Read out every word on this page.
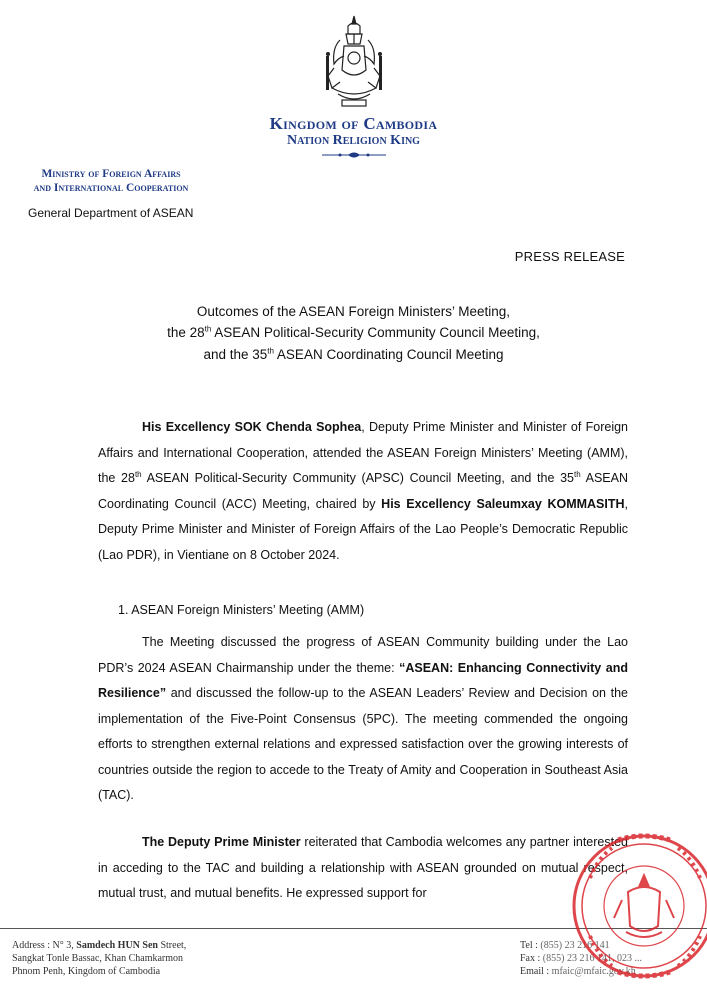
Kingdom of Cambodia
Nation Religion King
Ministry of Foreign Affairs
and International Cooperation
General Department of ASEAN
PRESS RELEASE
Outcomes of the ASEAN Foreign Ministers’ Meeting,
the 28th ASEAN Political-Security Community Council Meeting,
and the 35th ASEAN Coordinating Council Meeting
His Excellency SOK Chenda Sophea, Deputy Prime Minister and Minister of Foreign Affairs and International Cooperation, attended the ASEAN Foreign Ministers’ Meeting (AMM), the 28th ASEAN Political-Security Community (APSC) Council Meeting, and the 35th ASEAN Coordinating Council (ACC) Meeting, chaired by His Excellency Saleumxay KOMMASITH, Deputy Prime Minister and Minister of Foreign Affairs of the Lao People’s Democratic Republic (Lao PDR), in Vientiane on 8 October 2024.
1. ASEAN Foreign Ministers’ Meeting (AMM)
The Meeting discussed the progress of ASEAN Community building under the Lao PDR’s 2024 ASEAN Chairmanship under the theme: “ASEAN: Enhancing Connectivity and Resilience” and discussed the follow-up to the ASEAN Leaders’ Review and Decision on the implementation of the Five-Point Consensus (5PC). The meeting commended the ongoing efforts to strengthen external relations and expressed satisfaction over the growing interests of countries outside the region to accede to the Treaty of Amity and Cooperation in Southeast Asia (TAC).
The Deputy Prime Minister reiterated that Cambodia welcomes any partner interested in acceding to the TAC and building a relationship with ASEAN grounded on mutual respect, mutual trust, and mutual benefits. He expressed support for
Address : N° 3, Samdech HUN Sen Street,
Sangkat Tonle Bassac, Khan Chamkarmon
Phnom Penh, Kingdom of Cambodia
Tel : (855) 23 216 141
Fax : (855) 23 216 141, 023 ...
Email : mfaic@mfaic.gov.kh
